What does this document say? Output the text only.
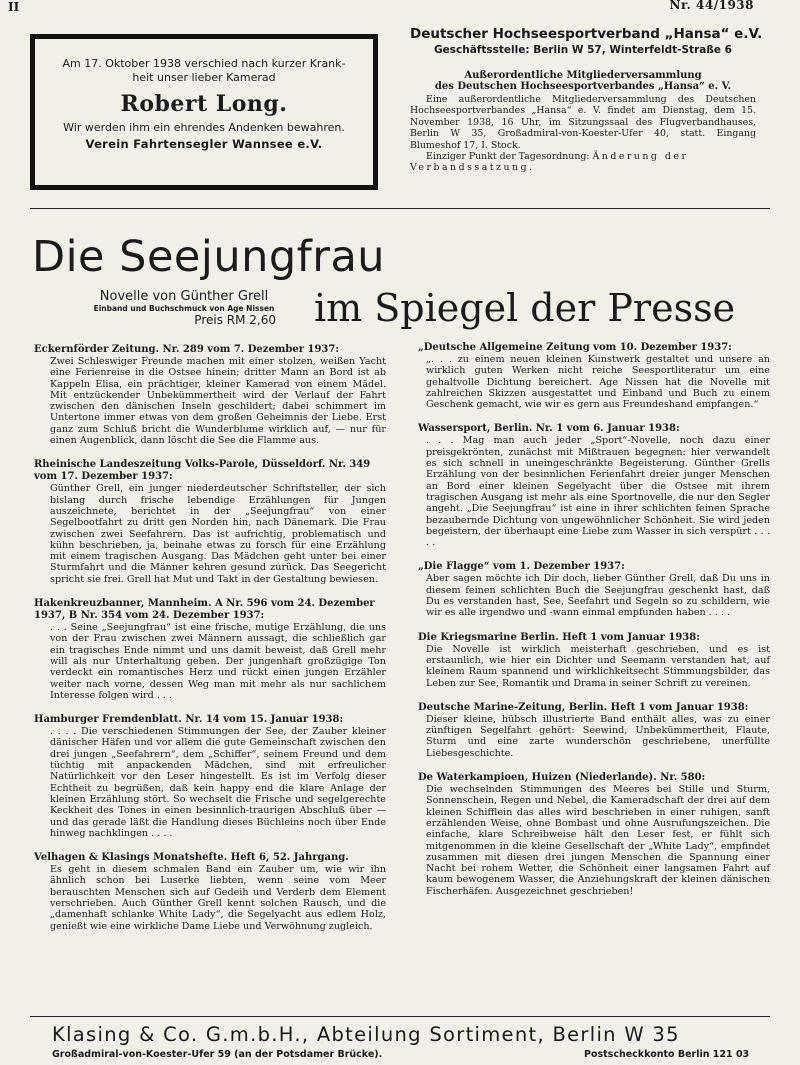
II	Nr. 44/1938
Am 17. Oktober 1938 verschied nach kurzer Krank-
heit unser lieber Kamerad
Robert Long.
Wir werden ihm ein ehrendes Andenken bewahren.
Verein Fahrtensegler Wannsee e.V.
Deutscher Hochseesportverband „Hansa“ e.V.
Geschäftsstelle: Berlin W 57, Winterfeldt-Straße 6
Außerordentliche Mitgliederversammlung
des Deutschen Hochseesportverbandes „Hansa“ e. V.
Eine außerordentliche Mitgliederversammlung des Deutschen Hochseesportverbandes „Hansa“ e. V. findet am Dienstag, dem 15. November 1938, 16 Uhr, im Sitzungssaal des Flugverbandhauses, Berlin W 35, Großadmiral-von-Koester-Ufer 40, statt. Eingang Blumeshof 17, I. Stock.
Einziger Punkt der Tagesordnung: Änderung der Verbandssatzung.
Die Seejungfrau
Novelle von Günther Grell
Einband und Buchschmuck von Age Nissen
Preis RM 2,60 im Spiegel der Presse
Eckernförder Zeitung. Nr. 289 vom 7. Dezember 1937:
Zwei Schleswiger Freunde machen mit einer stolzen, weißen Yacht eine Ferienreise in die Ostsee hinein; dritter Mann an Bord ist ab Kappeln Elisa, ein prächtiger, kleiner Kamerad von einem Mädel. Mit entzückender Unbekümmertheit wird der Verlauf der Fahrt zwischen den dänischen Inseln geschildert; dabei schimmert im Untertone immer etwas von dem großen Geheimnis der Liebe. Erst ganz zum Schluß bricht die Wunderblume wirklich auf, — nur für einen Augenblick, dann löscht die See die Flamme aus.
Rheinische Landeszeitung Volks-Parole, Düsseldorf. Nr. 349 vom 17. Dezember 1937:
Günther Grell, ein junger niederdeutscher Schriftsteller, der sich bislang durch frische lebendige Erzählungen für Jungen auszeichnete, berichtet in der „Seejungfrau“ von einer Segelbootfahrt zu dritt gen Norden hin, nach Dänemark. Die Frau zwischen zwei Seefahrern. Das ist aufrichtig, problematisch und kühn beschrieben, ja, beinahe etwas zu forsch für eine Erzählung mit einem tragischen Ausgang. Das Mädchen geht unter bei einer Sturmfahrt und die Männer kehren gesund zurück. Das Seegericht spricht sie frei. Grell hat Mut und Takt in der Gestaltung bewiesen.
Hakenkreuzbanner, Mannheim. A Nr. 596 vom 24. Dezember 1937, B Nr. 354 vom 24. Dezember 1937:
. . . Seine „Seejungfrau“ ist eine frische, mutige Erzählung, die uns von der Frau zwischen zwei Männern aussagt, die schließlich gar ein tragisches Ende nimmt und uns damit beweist, daß Grell mehr will als nur Unterhaltung geben. Der jungenhaft großzügige Ton verdeckt ein romantisches Herz und rückt einen jungen Erzähler weiter nach vorne, dessen Weg man mit mehr als nur sachlichem Interesse folgen wird . . .
Hamburger Fremdenblatt. Nr. 14 vom 15. Januar 1938:
. . . . Die verschiedenen Stimmungen der See, der Zauber kleiner dänischer Häfen und vor allem die gute Gemeinschaft zwischen den drei jungen „Seefahrern“, dem „Schiffer“, seinem Freund und dem tüchtig mit anpackenden Mädchen, sind mit erfreulicher Natürlichkeit vor den Leser hingestellt. Es ist im Verfolg dieser Echtheit zu begrüßen, daß kein happy end die klare Anlage der kleinen Erzählung stört. So wechselt die Frische und segelgerechte Keckheit des Tones in einen besinnlich-traurigen Abschluß über — und das gerade läßt die Handlung dieses Büchleins noch über Ende hinweg nachklingen . . . .
Velhagen & Klasings Monatshefte. Heft 6, 52. Jahrgang.
Es geht in diesem schmalen Band ein Zauber um, wie wir ihn ähnlich schon bei Luserke liebten, wenn seine vom Meer berauschten Menschen sich auf Gedeih und Verderb dem Element verschrieben. Auch Günther Grell kennt solchen Rausch, und die „damenhaft schlanke White Lady“, die Segelyacht aus edlem Holz, genießt wie eine wirkliche Dame Liebe und Verwöhnung zugleich.
„Deutsche Allgemeine Zeitung vom 10. Dezember 1937:
„. . . zu einem neuen kleinen Kunstwerk gestaltet und unsere an wirklich guten Werken nicht reiche Seesportliteratur um eine gehaltvolle Dichtung bereichert. Age Nissen hat die Novelle mit zahlreichen Skizzen ausgestattet und Einband und Buch zu einem Geschenk gemacht, wie wir es gern aus Freundeshand empfangen.“
Wassersport, Berlin. Nr. 1 vom 6. Januar 1938:
. . . Mag man auch jeder „Sport“-Novelle, noch dazu einer preisgekrönten, zunächst mit Mißtrauen begegnen: hier verwandelt es sich schnell in uneingeschränkte Begeisterung. Günther Grells Erzählung von der besinnlichen Ferienfahrt dreier junger Menschen an Bord einer kleinen Segelyacht über die Ostsee mit ihrem tragischen Ausgang ist mehr als eine Sportnovelle, die nur den Segler angeht. „Die Seejungfrau“ ist eine in ihrer schlichten feinen Sprache bezaubernde Dichtung von ungewöhnlicher Schönheit. Sie wird jeden begeistern, der überhaupt eine Liebe zum Wasser in sich verspürt . . . . .
„Die Flagge“ vom 1. Dezember 1937:
Aber sagen möchte ich Dir doch, lieber Günther Grell, daß Du uns in diesem feinen schlichten Buch die Seejungfrau geschenkt hast, daß Du es verstanden hast, See, Seefahrt und Segeln so zu schildern, wie wir es alle irgendwo und -wann einmal empfunden haben . . . .
Die Kriegsmarine Berlin. Heft 1 vom Januar 1938:
Die Novelle ist wirklich meisterhaft geschrieben, und es ist erstaunlich, wie hier ein Dichter und Seemann verstanden hat, auf kleinem Raum spannend und wirklichkeitsecht Stimmungsbilder, das Leben zur See, Romantik und Drama in seiner Schrift zu vereinen.
Deutsche Marine-Zeitung, Berlin. Heft 1 vom Januar 1938:
Dieser kleine, hübsch illustrierte Band enthält alles, was zu einer zünftigen Segelfahrt gehört: Seewind, Unbekümmertheit, Flaute, Sturm und eine zarte wunderschön geschriebene, unerfüllte Liebesgeschichte.
De Waterkampioen, Huizen (Niederlande). Nr. 580:
Die wechselnden Stimmungen des Meeres bei Stille und Sturm, Sonnenschein, Regen und Nebel, die Kameradschaft der drei auf dem kleinen Schifflein das alles wird beschrieben in einer ruhigen, sanft erzählenden Weise, ohne Bombast und ohne Ausrufungszeichen. Die einfache, klare Schreibweise hält den Leser fest, er fühlt sich mitgenommen in die kleine Gesellschaft der „White Lady“, empfindet zusammen mit diesen drei jungen Menschen die Spannung einer Nacht bei rohem Wetter, die Schönheit einer langsamen Fahrt auf kaum bewogenem Wasser, die Anziehungskraft der kleinen dänischen Fischerhäfen. Ausgezeichnet geschrieben!
Klasing & Co. G.m.b.H., Abteilung Sortiment, Berlin W 35
Großadmiral-von-Koester-Ufer 59 (an der Potsdamer Brücke).	Postscheckkonto Berlin 121 03
